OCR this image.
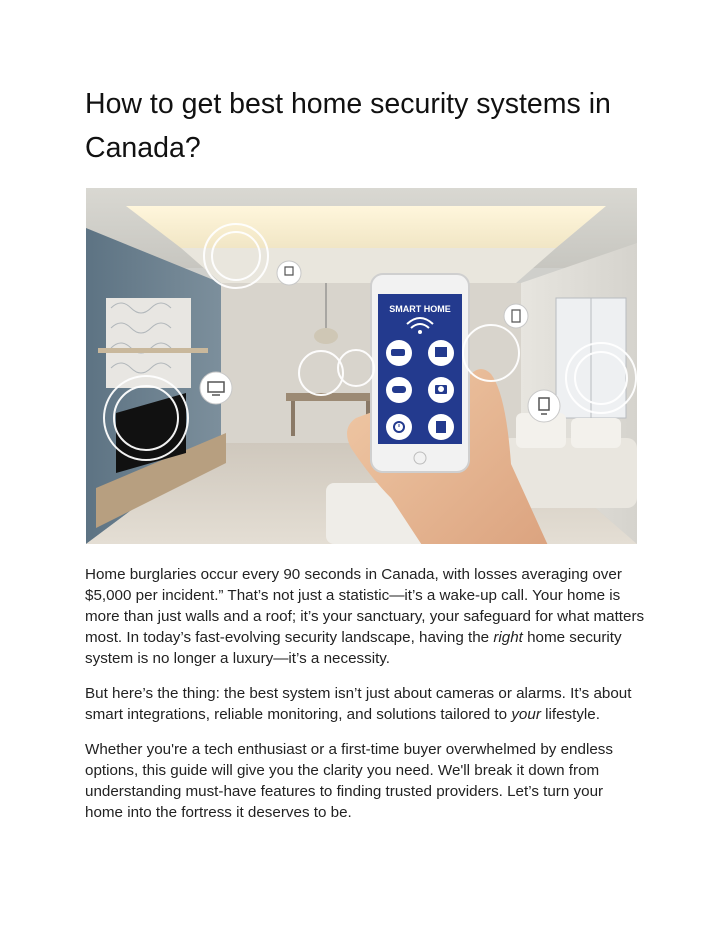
How to get best home security systems in Canada?
SMART HOME

Home burglaries occur every 90 seconds in Canada, with losses averaging over $5,000 per incident.” That’s not just a statistic—it’s a wake-up call. Your home is more than just walls and a roof; it’s your sanctuary, your safeguard for what matters most. In today’s fast-evolving security landscape, having the right home security system is no longer a luxury—it’s a necessity.

But here’s the thing: the best system isn’t just about cameras or alarms. It’s about smart integrations, reliable monitoring, and solutions tailored to your lifestyle.

Whether you're a tech enthusiast or a first-time buyer overwhelmed by endless options, this guide will give you the clarity you need. We'll break it down from understanding must-have features to finding trusted providers. Let’s turn your home into the fortress it deserves to be.
